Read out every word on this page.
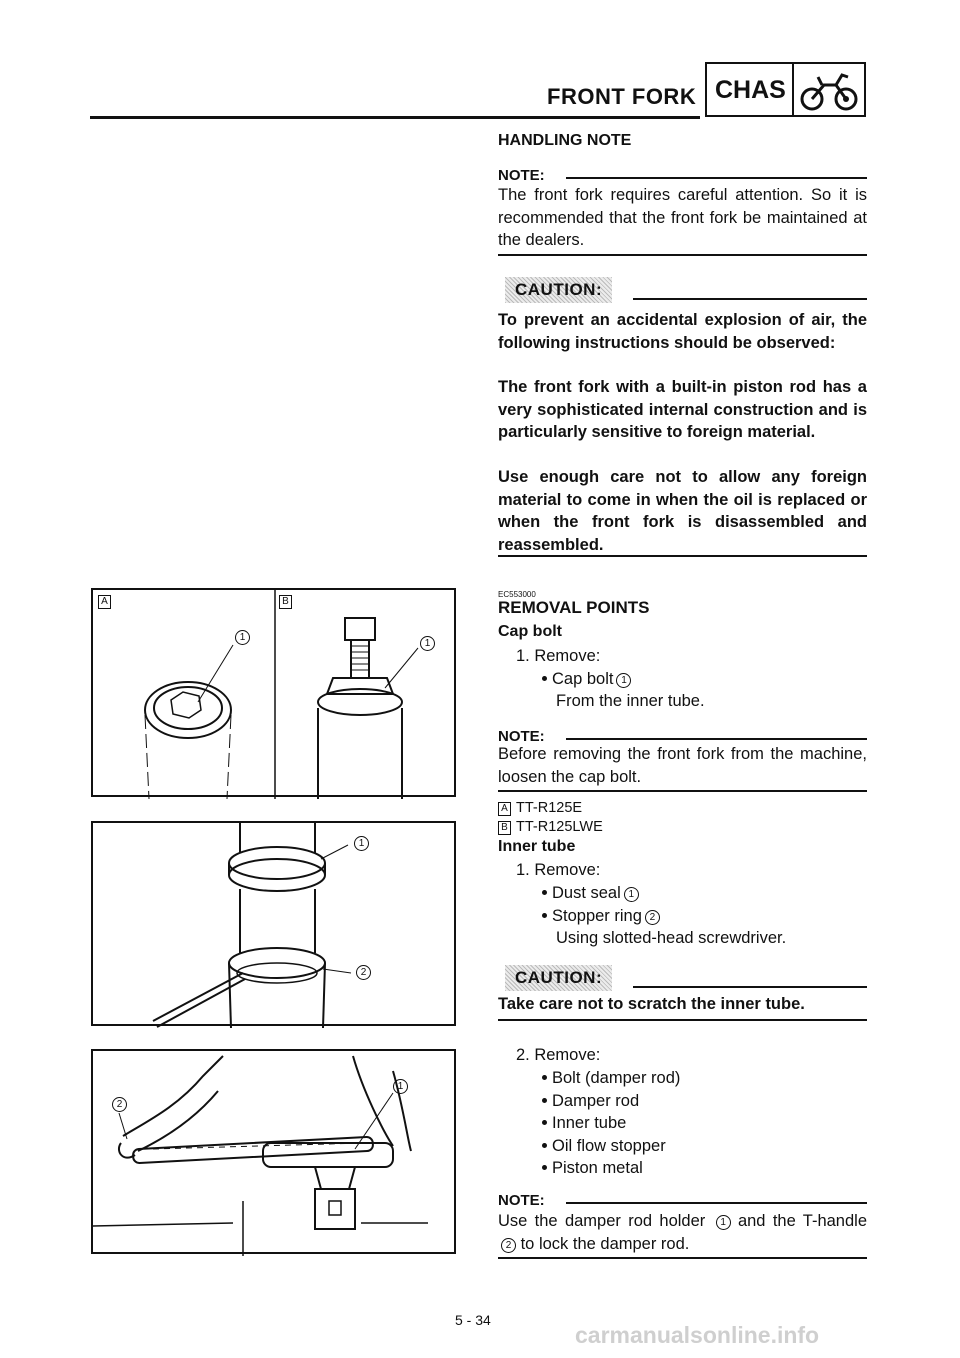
FRONT FORK CHAS
HANDLING NOTE
NOTE:
The front fork requires careful attention. So it is recommended that the front fork be maintained at the dealers.
CAUTION:
To prevent an accidental explosion of air, the following instructions should be observed:
The front fork with a built-in piston rod has a very sophisticated internal construction and is particularly sensitive to foreign material.
Use enough care not to allow any foreign material to come in when the oil is replaced or when the front fork is disassembled and reassembled.
EC553000
REMOVAL POINTS
Cap bolt
1. Remove:
Cap bolt 1
From the inner tube.
NOTE:
Before removing the front fork from the machine, loosen the cap bolt.
A TT-R125E
B TT-R125LWE
Inner tube
1. Remove:
Dust seal 1
Stopper ring 2
Using slotted-head screwdriver.
CAUTION:
Take care not to scratch the inner tube.
2. Remove:
Bolt (damper rod)
Damper rod
Inner tube
Oil flow stopper
Piston metal
NOTE:
Use the damper rod holder 1 and the T-handle 2 to lock the damper rod.
A	B
1
1
1
2
1
2
5 - 34
carmanualsonline.info
